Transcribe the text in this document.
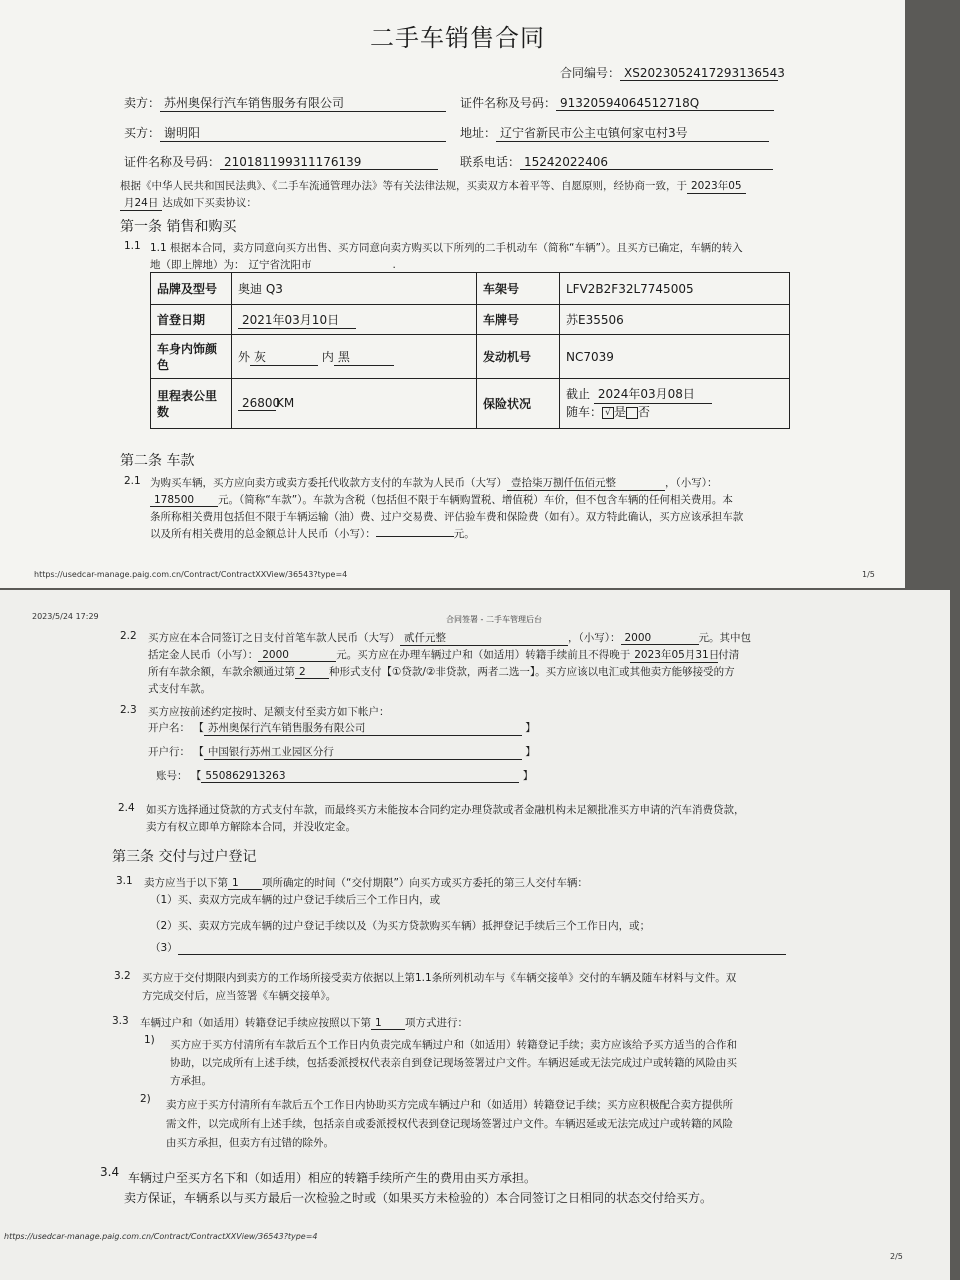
二手车销售合同
合同编号： XS2023052417293136543
卖方： 苏州奥保行汽车销售服务有限公司	证件名称及号码： 91320594064512718Q
买方： 谢明阳	地址： 辽宁省新民市公主屯镇何家屯村3号
证件名称及号码： 210181199311176139	联系电话： 15242022406
根据《中华人民共和国民法典》、《二手车流通管理办法》等有关法律法规，买卖双方本着平等、自愿原则，经协商一致，于 2023年05
月24日 达成如下买卖协议：
第一条 销售和购买
1.1 1.1 根据本合同，卖方同意向买方出售、买方同意向卖方购买以下所列的二手机动车（简称“车辆”）。且买方已确定，车辆的转入
地（即上牌地）为： 辽宁省沈阳市	.
品牌及型号	奥迪 Q3	车架号	LFV2B2F32L7745005
首登日期	2021年03月10日	车牌号	苏E35506
车身内饰颜色	外 灰 内 黑	发动机号	NC7039
里程表公里数	26800KM	保险状况	截止 2024年03月08日
随车： √ 是 否
第二条 车款
2.1 为购买车辆，买方应向卖方或卖方委托代收款方支付的车款为人民币（大写） 壹拾柒万捌仟伍佰元整	，（小写）：
178500 元。（简称“车款”）。车款为含税（包括但不限于车辆购置税、增值税）车价，但不包含车辆的任何相关费用。本
条所称相关费用包括但不限于车辆运输（油）费、过户交易费、评估验车费和保险费（如有）。双方特此确认，买方应该承担车款
以及所有相关费用的总金额总计人民币（小写）：	元。
https://usedcar-manage.paig.com.cn/Contract/ContractXXView/36543?type=4	1/5
2023/5/24 17:29	合同签署 - 二手车管理后台
2.2 买方应在本合同签订之日支付首笔车款人民币（大写） 贰仟元整	，（小写）： 2000	元。其中包
括定金人民币（小写）： 2000	元。买方应在办理车辆过户和（如适用）转籍手续前且不得晚于 2023年05月31日付清
所有车款余额，车款余额通过第 2 种形式支付【①贷款/②非贷款，两者二选一】。买方应该以电汇或其他卖方能够接受的方
式支付车款。
2.3 买方应按前述约定按时、足额支付至卖方如下帐户：
开户名： 【 苏州奥保行汽车销售服务有限公司	】
开户行： 【 中国银行苏州工业园区分行	】
账号： 【 550862913263	】
2.4 如买方选择通过贷款的方式支付车款，而最终买方未能按本合同约定办理贷款或者金融机构未足额批准买方申请的汽车消费贷款，
卖方有权立即单方解除本合同，并没收定金。
第三条 交付与过户登记
3.1 卖方应当于以下第 1 项所确定的时间（“交付期限”）向买方或买方委托的第三人交付车辆：
（1）买、卖双方完成车辆的过户登记手续后三个工作日内，或
（2）买、卖双方完成车辆的过户登记手续以及（为买方贷款购买车辆）抵押登记手续后三个工作日内，或；
（3）
3.2 买方应于交付期限内到卖方的工作场所接受卖方依据以上第1.1条所列机动车与《车辆交接单》交付的车辆及随车材料与文件。双
方完成交付后，应当签署《车辆交接单》。
3.3 车辆过户和（如适用）转籍登记手续应按照以下第 1 项方式进行：
1) 买方应于买方付清所有车款后五个工作日内负责完成车辆过户和（如适用）转籍登记手续；卖方应该给予买方适当的合作和
协助，以完成所有上述手续，包括委派授权代表亲自到登记现场签署过户文件。车辆迟延或无法完成过户或转籍的风险由买
方承担。
2) 卖方应于买方付清所有车款后五个工作日内协助买方完成车辆过户和（如适用）转籍登记手续；买方应积极配合卖方提供所
需文件，以完成所有上述手续，包括亲自或委派授权代表到登记现场签署过户文件。车辆迟延或无法完成过户或转籍的风险
由买方承担，但卖方有过错的除外。
3.4 车辆过户至买方名下和（如适用）相应的转籍手续所产生的费用由买方承担。
卖方保证，车辆系以与买方最后一次检验之时或（如果买方未检验的）本合同签订之日相同的状态交付给买方。
https://usedcar-manage.paig.com.cn/Contract/ContractXXView/36543?type=4
2/5
